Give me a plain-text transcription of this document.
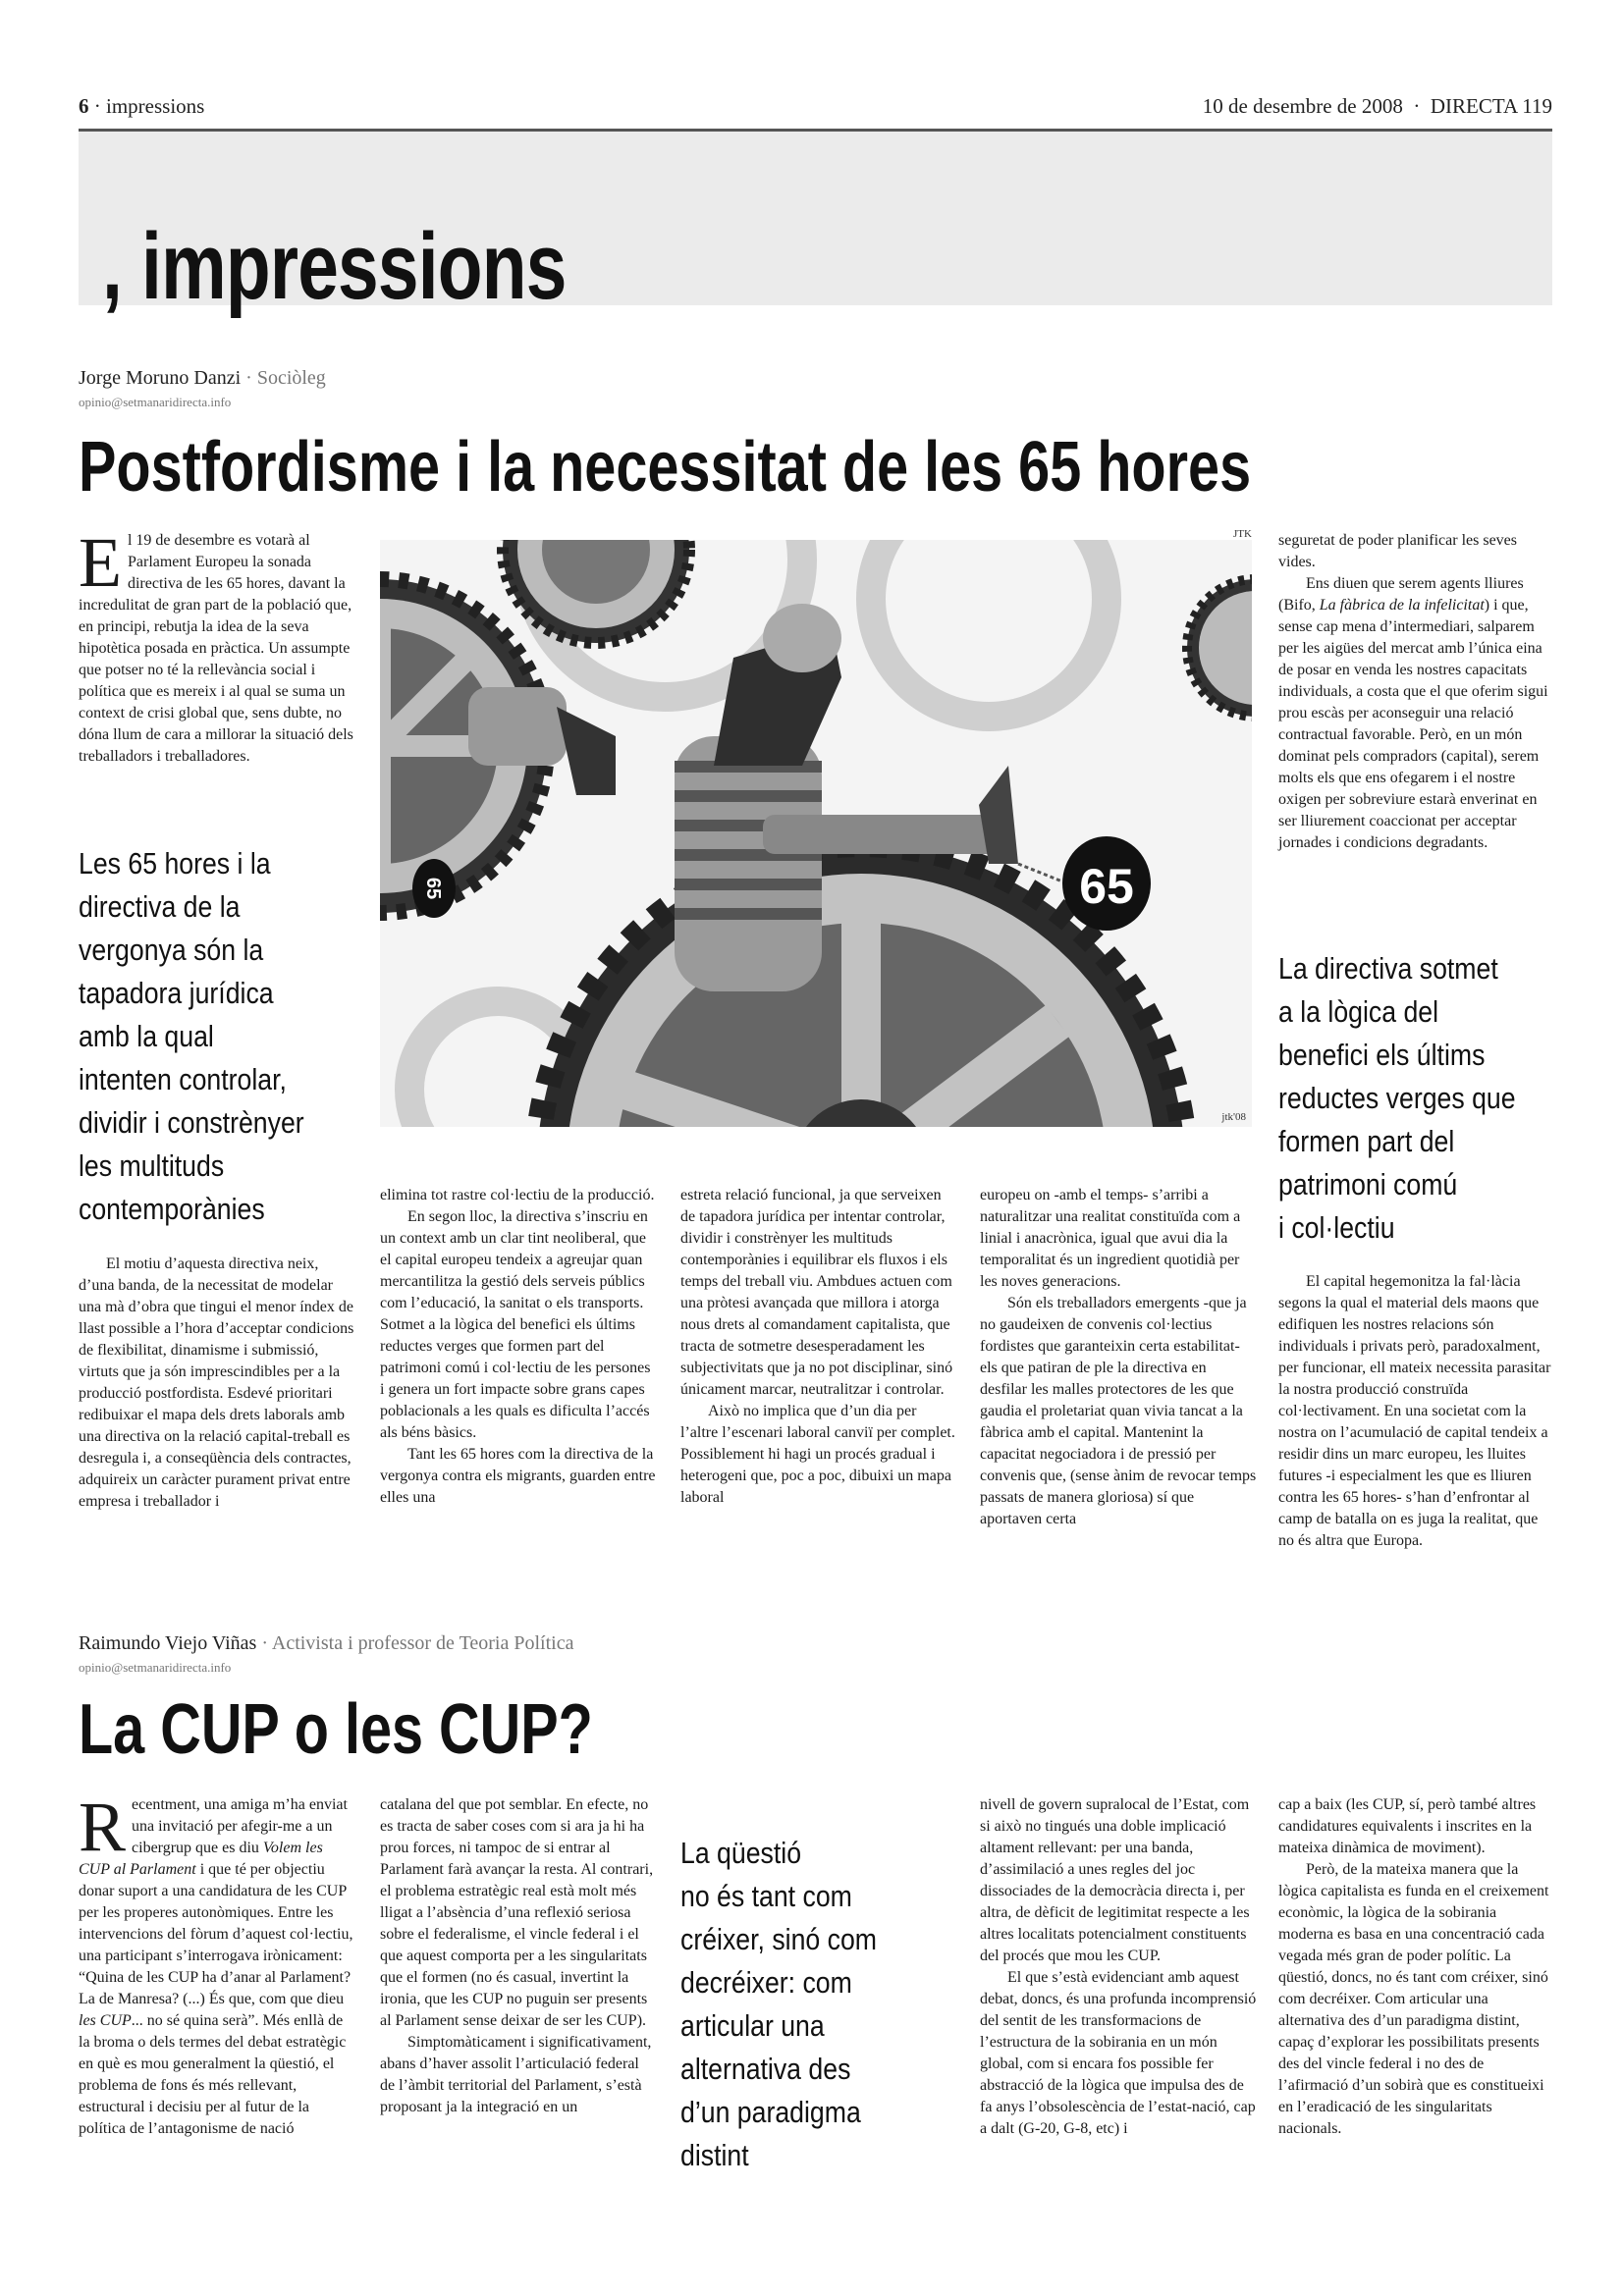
6 · impressions	10 de desembre de 2008 · DIRECTA 119
, impressions
Jorge Moruno Danzi · Sociòleg
opinio@setmanaridirecta.info
Postfordisme i la necessitat de les 65 hores
E l 19 de desembre es votarà al Parlament Europeu la sonada directiva de les 65 hores, davant la incredulitat de gran part de la població que, en principi, rebutja la idea de la seva hipotètica posada en pràctica. Un assumpte que potser no té la rellevància social i política que es mereix i al qual se suma un context de crisi global que, sens dubte, no dóna llum de cara a millorar la situació dels treballadors i treballadores.

Les 65 hores i la
directiva de la
vergonya són la
tapadora jurídica
amb la qual
intenten controlar,
dividir i constrènyer
les multituds
contemporànies

El motiu d’aquesta directiva neix, d’una banda, de la necessitat de modelar una mà d’obra que tingui el menor índex de llast possible a l’hora d’acceptar condicions de flexibilitat, dinamisme i submissió, virtuts que ja són imprescindibles per a la producció postfordista. Esdevé prioritari redibuixar el mapa dels drets laborals amb una directiva on la relació capital-treball es desregula i, a conseqüència dels contractes, adquireix un caràcter purament privat entre empresa i treballador i

JTK
65
65
jtk'08

elimina tot rastre col·lectiu de la producció.

En segon lloc, la directiva s’inscriu en un context amb un clar tint neoliberal, que el capital europeu tendeix a agreujar quan mercantilitza la gestió dels serveis públics com l’educació, la sanitat o els transports. Sotmet a la lògica del benefici els últims reductes verges que formen part del patrimoni comú i col·lectiu de les persones i genera un fort impacte sobre grans capes poblacionals a les quals es dificulta l’accés als béns bàsics.

Tant les 65 hores com la directiva de la vergonya contra els migrants, guarden entre elles una

estreta relació funcional, ja que serveixen de tapadora jurídica per intentar controlar, dividir i constrènyer les multituds contemporànies i equilibrar els fluxos i els temps del treball viu. Ambdues actuen com una pròtesi avançada que millora i atorga nous drets al comandament capitalista, que tracta de sotmetre desesperadament les subjectivitats que ja no pot disciplinar, sinó únicament marcar, neutralitzar i controlar.

Això no implica que d’un dia per l’altre l’escenari laboral canviï per complet. Possiblement hi hagi un procés gradual i heterogeni que, poc a poc, dibuixi un mapa laboral

europeu on -amb el temps- s’arribi a naturalitzar una realitat constituïda com a linial i anacrònica, igual que avui dia la temporalitat és un ingredient quotidià per les noves generacions.

Són els treballadors emergents -que ja no gaudeixen de convenis col·lectius fordistes que garanteixin certa estabilitat- els que patiran de ple la directiva en desfilar les malles protectores de les que gaudia el proletariat quan vivia tancat a la fàbrica amb el capital. Mantenint la capacitat negociadora i de pressió per convenis que, (sense ànim de revocar temps passats de manera gloriosa) sí que aportaven certa

seguretat de poder planificar les seves vides.

Ens diuen que serem agents lliures (Bifo, La fàbrica de la infelicitat) i que, sense cap mena d’intermediari, salparem per les aigües del mercat amb l’única eina de posar en venda les nostres capacitats individuals, a costa que el que oferim sigui prou escàs per aconseguir una relació contractual favorable. Però, en un món dominat pels compradors (capital), serem molts els que ens ofegarem i el nostre oxigen per sobreviure estarà enverinat en ser lliurement coaccionat per acceptar jornades i condicions degradants.

La directiva sotmet
a la lògica del
benefici els últims
reductes verges que
formen part del
patrimoni comú
i col·lectiu

El capital hegemonitza la fal·làcia segons la qual el material dels maons que edifiquen les nostres relacions són individuals i privats però, paradoxalment, per funcionar, ell mateix necessita parasitar la nostra producció construïda col·lectivament. En una societat com la nostra on l’acumulació de capital tendeix a residir dins un marc europeu, les lluites futures -i especialment les que es lliuren contra les 65 hores- s’han d’enfrontar al camp de batalla on es juga la realitat, que no és altra que Europa.

Raimundo Viejo Viñas · Activista i professor de Teoria Política
opinio@setmanaridirecta.info
La CUP o les CUP?
R ecentment, una amiga m’ha enviat una invitació per afegir-me a un cibergrup que es diu Volem les CUP al Parlament i que té per objectiu donar suport a una candidatura de les CUP per les properes autonòmiques. Entre les intervencions del fòrum d’aquest col·lectiu, una participant s’interrogava irònicament: “Quina de les CUP ha d’anar al Parlament? La de Manresa? (...) És que, com que dieu les CUP... no sé quina serà”. Més enllà de la broma o dels termes del debat estratègic en què es mou generalment la qüestió, el problema de fons és més rellevant, estructural i decisiu per al futur de la política de l’antagonisme de nació

catalana del que pot semblar. En efecte, no es tracta de saber coses com si ara ja hi ha prou forces, ni tampoc de si entrar al Parlament farà avançar la resta. Al contrari, el problema estratègic real està molt més lligat a l’absència d’una reflexió seriosa sobre el federalisme, el vincle federal i el que aquest comporta per a les singularitats que el formen (no és casual, invertint la ironia, que les CUP no puguin ser presents al Parlament sense deixar de ser les CUP).

Simptomàticament i significativament, abans d’haver assolit l’articulació federal de l’àmbit territorial del Parlament, s’està proposant ja la integració en un

La qüestió
no és tant com
créixer, sinó com
decréixer: com
articular una
alternativa des
d’un paradigma
distint

nivell de govern supralocal de l’Estat, com si això no tingués una doble implicació altament rellevant: per una banda, d’assimilació a unes regles del joc dissociades de la democràcia directa i, per altra, de dèficit de legitimitat respecte a les altres localitats potencialment constituents del procés que mou les CUP.

El que s’està evidenciant amb aquest debat, doncs, és una profunda incomprensió del sentit de les transformacions de l’estructura de la sobirania en un món global, com si encara fos possible fer abstracció de la lògica que impulsa des de fa anys l’obsolescència de l’estat-nació, cap a dalt (G-20, G-8, etc) i

cap a baix (les CUP, sí, però també altres candidatures equivalents i inscrites en la mateixa dinàmica de moviment).

Però, de la mateixa manera que la lògica capitalista es funda en el creixement econòmic, la lògica de la sobirania moderna es basa en una concentració cada vegada més gran de poder polític. La qüestió, doncs, no és tant com créixer, sinó com decréixer. Com articular una alternativa des d’un paradigma distint, capaç d’explorar les possibilitats presents des del vincle federal i no des de l’afirmació d’un sobirà que es constitueixi en l’eradicació de les singularitats nacionals.
